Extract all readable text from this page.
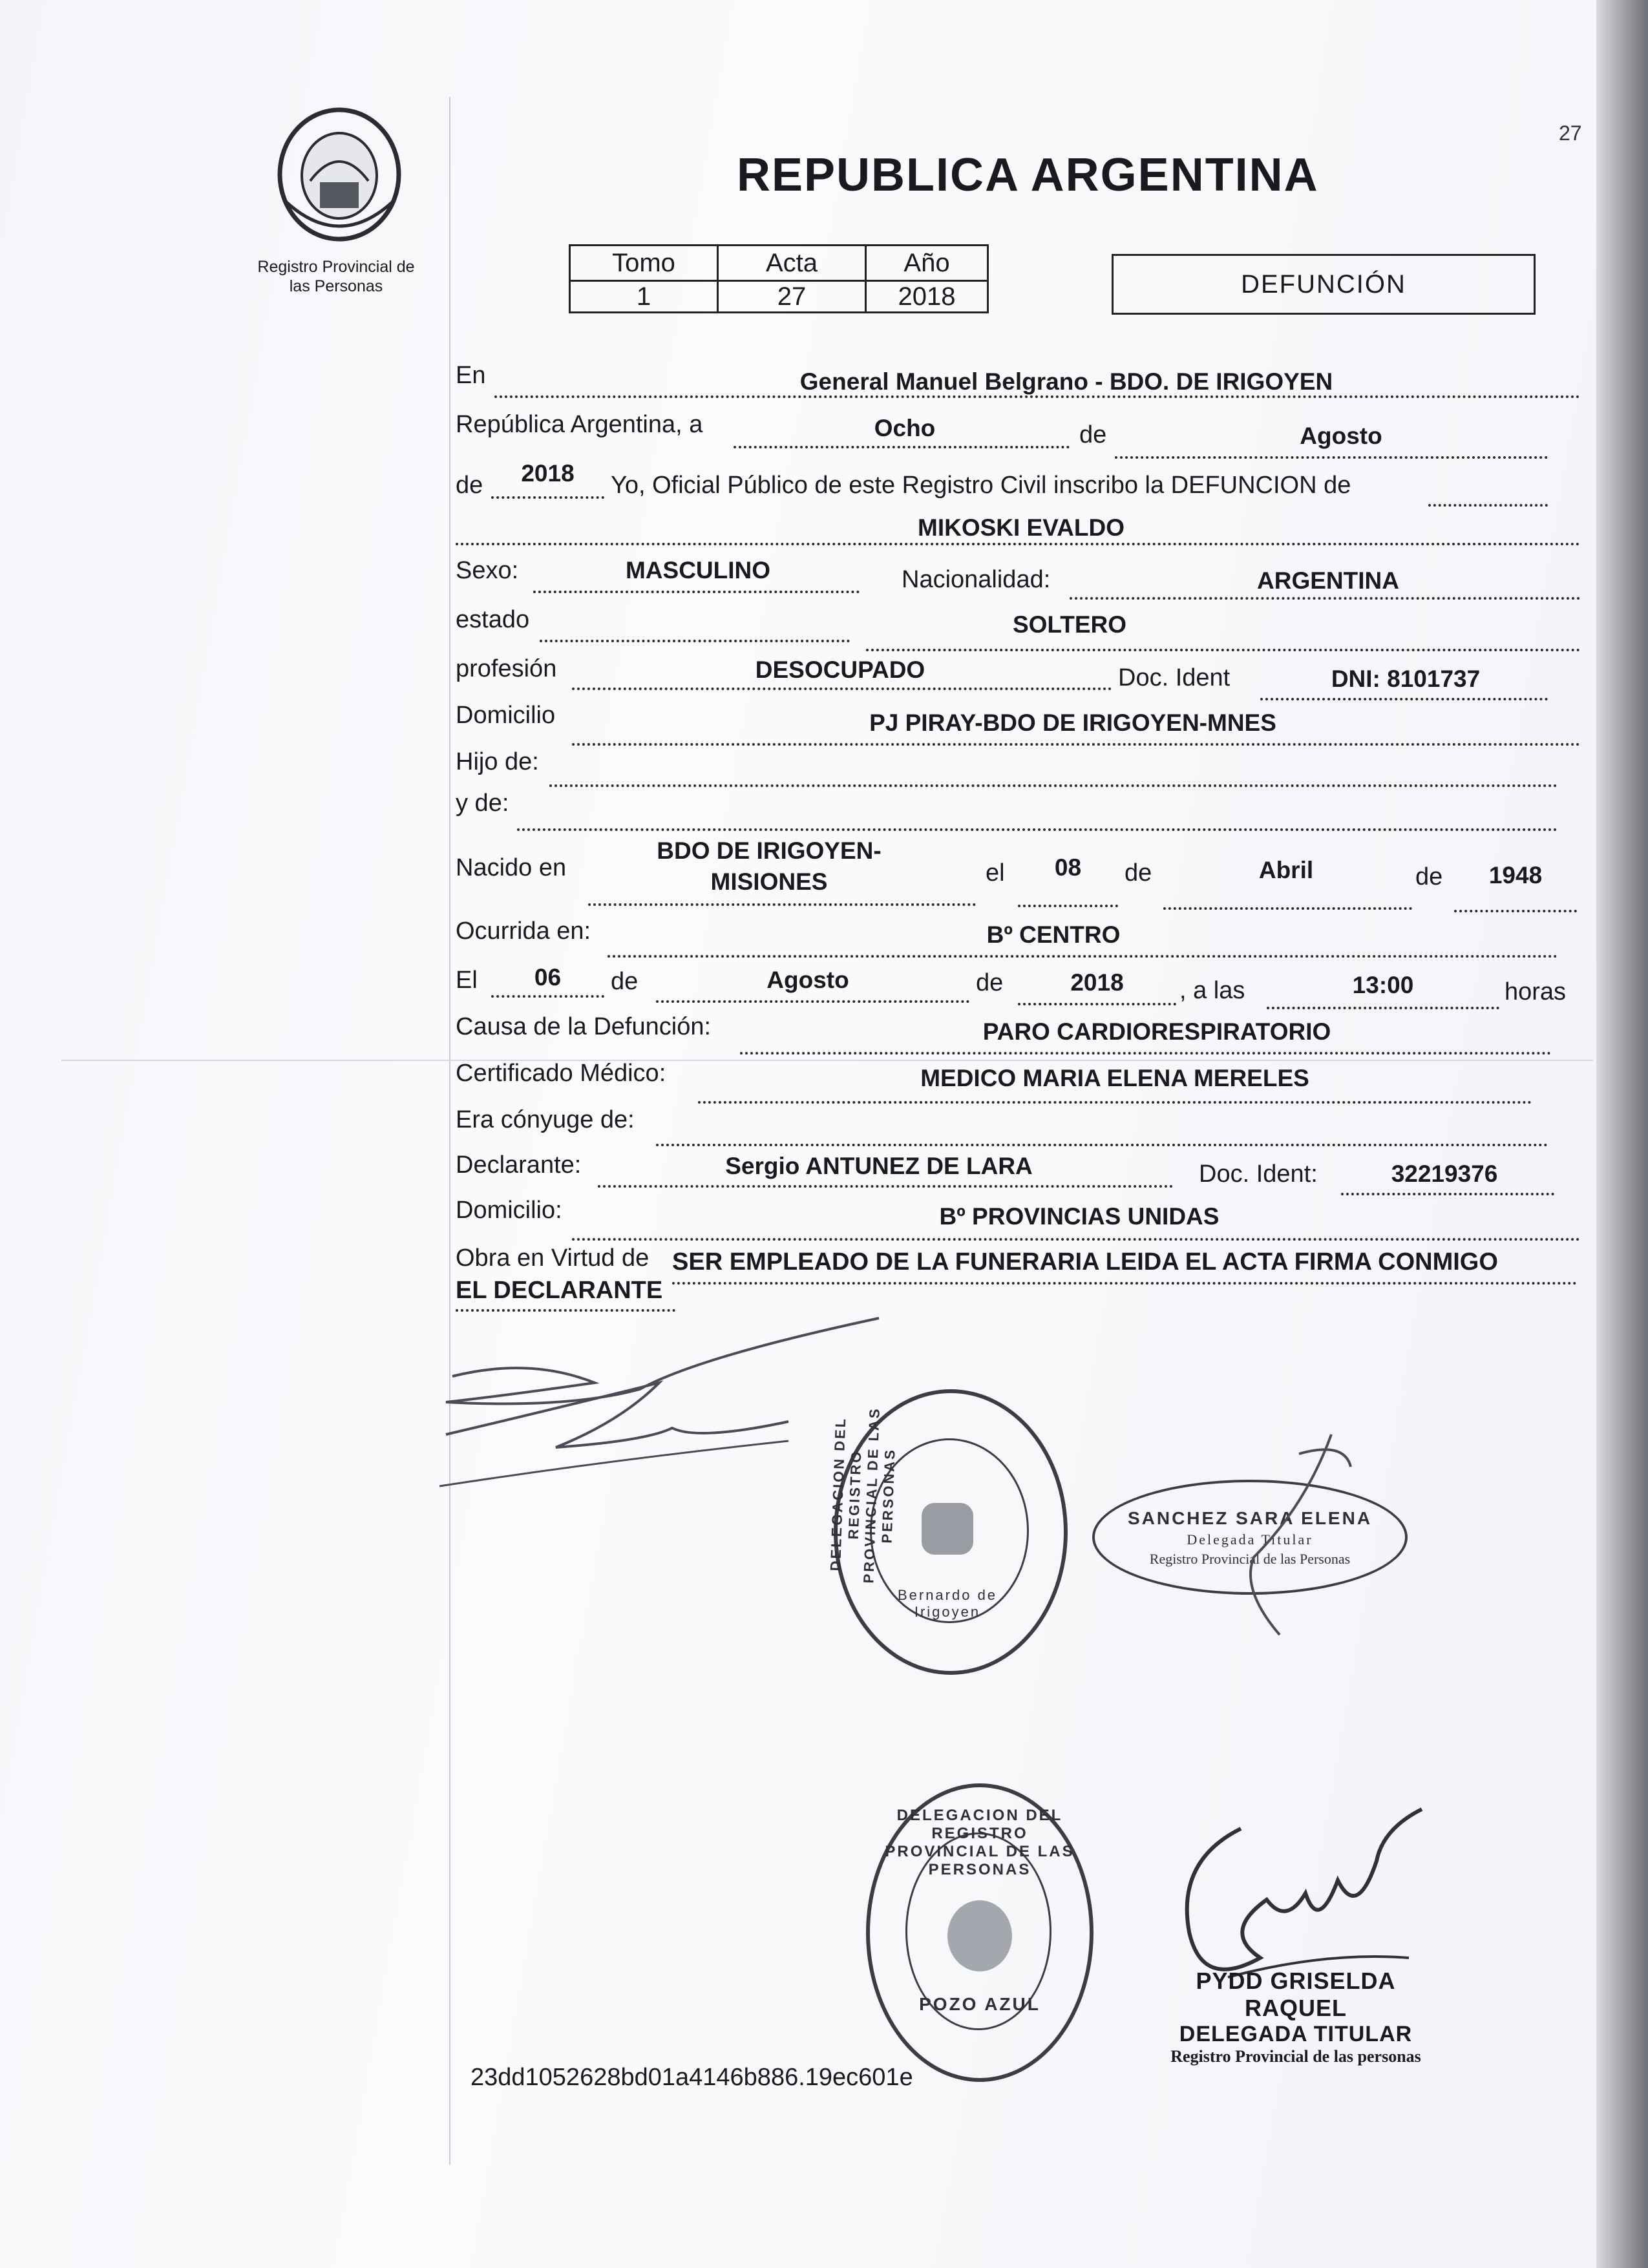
27
Registro Provincial de
las Personas
REPUBLICA ARGENTINA
Tomo	Acta	Año
1	27	2018	DEFUNCIÓN
En	General Manuel Belgrano - BDO. DE IRIGOYEN
República Argentina, a	Ocho	de	Agosto
de	2018	Yo, Oficial Público de este Registro Civil inscribo la DEFUNCION de
MIKOSKI EVALDO
Sexo:	MASCULINO	Nacionalidad:	ARGENTINA
estado	SOLTERO
profesión	DESOCUPADO	Doc. Ident	DNI: 8101737
Domicilio	PJ PIRAY-BDO DE IRIGOYEN-MNES
Hijo de:
y de:
Nacido en
BDO DE IRIGOYEN-
MISIONES	el	08	de	Abril	de	1948
Ocurrida en:	Bº CENTRO
El	06	de	Agosto	de	2018	, a las	13:00	horas
Causa de la Defunción:	PARO CARDIORESPIRATORIO
Certificado Médico:	MEDICO MARIA ELENA MERELES
Era cónyuge de:
Declarante:	Sergio ANTUNEZ DE LARA	Doc. Ident:	32219376
Domicilio:	Bº PROVINCIAS UNIDAS
Obra en Virtud de SER EMPLEADO DE LA FUNERARIA LEIDA EL ACTA FIRMA CONMIGO
EL DECLARANTE
DELEGACION DEL REGISTRO PROVINCIAL DE LAS PERSONAS
Bernardo de Irigoyen
SANCHEZ SARA ELENA
Delegada Titular
Registro Provincial de las Personas
DELEGACION DEL REGISTRO PROVINCIAL DE LAS PERSONAS
POZO AZUL
PYDD GRISELDA RAQUEL
DELEGADA TITULAR
Registro Provincial de las personas
23dd1052628bd01a4146b886.19ec601e
